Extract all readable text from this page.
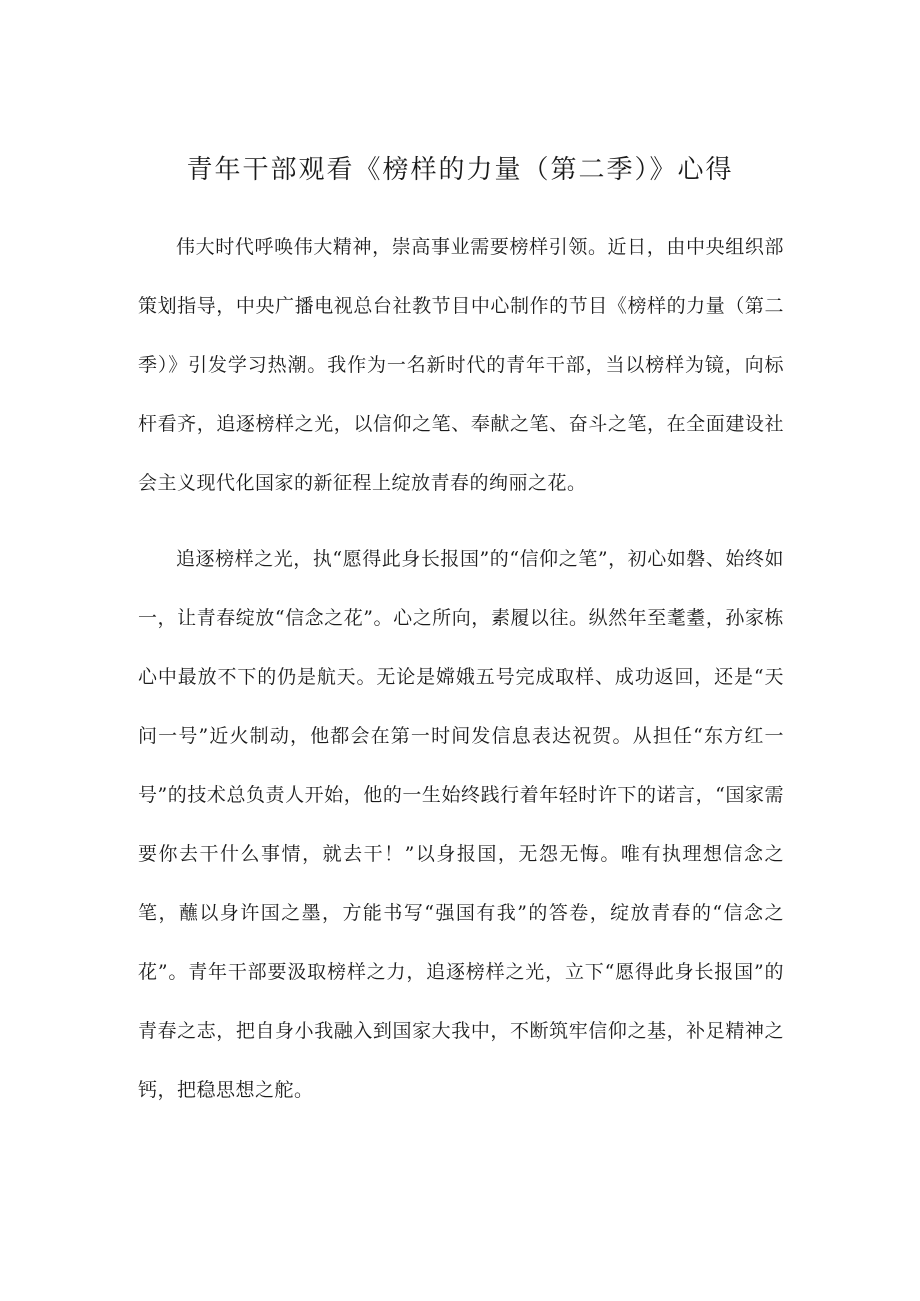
青年干部观看《榜样的力量（第二季）》心得

伟大时代呼唤伟大精神，崇高事业需要榜样引领。近日，由中央组织部策划指导，中央广播电视总台社教节目中心制作的节目《榜样的力量（第二季）》引发学习热潮。我作为一名新时代的青年干部，当以榜样为镜，向标杆看齐，追逐榜样之光，以信仰之笔、奉献之笔、奋斗之笔，在全面建设社会主义现代化国家的新征程上绽放青春的绚丽之花。

追逐榜样之光，执“愿得此身长报国”的“信仰之笔”，初心如磐、始终如一，让青春绽放“信念之花”。心之所向，素履以往。纵然年至耄耋，孙家栋心中最放不下的仍是航天。无论是嫦娥五号完成取样、成功返回，还是“天问一号”近火制动，他都会在第一时间发信息表达祝贺。从担任“东方红一号”的技术总负责人开始，他的一生始终践行着年轻时许下的诺言，“国家需要你去干什么事情，就去干！”以身报国，无怨无悔。唯有执理想信念之笔，蘸以身许国之墨，方能书写“强国有我”的答卷，绽放青春的“信念之花”。青年干部要汲取榜样之力，追逐榜样之光，立下“愿得此身长报国”的青春之志，把自身小我融入到国家大我中，不断筑牢信仰之基，补足精神之钙，把稳思想之舵。
